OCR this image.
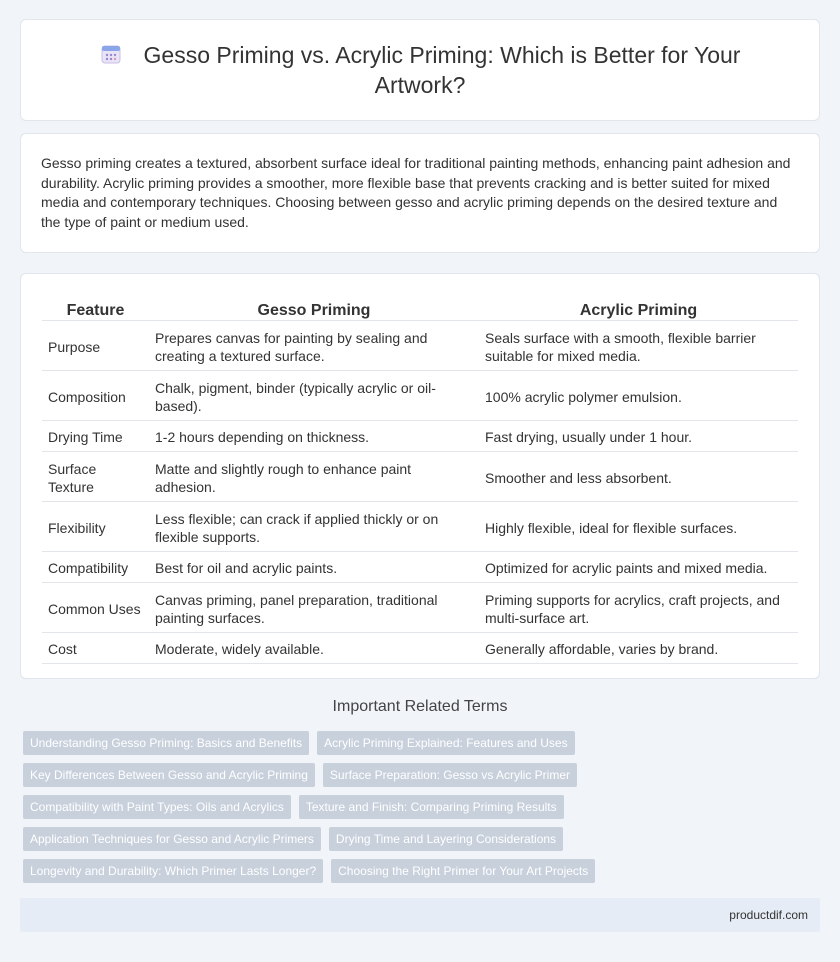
Gesso Priming vs. Acrylic Priming: Which is Better for Your Artwork?

Gesso priming creates a textured, absorbent surface ideal for traditional painting methods, enhancing paint adhesion and durability. Acrylic priming provides a smoother, more flexible base that prevents cracking and is better suited for mixed media and contemporary techniques. Choosing between gesso and acrylic priming depends on the desired texture and the type of paint or medium used.

Feature	Gesso Priming	Acrylic Priming
Purpose	Prepares canvas for painting by sealing and creating a textured surface.	Seals surface with a smooth, flexible barrier suitable for mixed media.
Composition	Chalk, pigment, binder (typically acrylic or oil-based).	100% acrylic polymer emulsion.
Drying Time	1-2 hours depending on thickness.	Fast drying, usually under 1 hour.
Surface Texture	Matte and slightly rough to enhance paint adhesion.	Smoother and less absorbent.
Flexibility	Less flexible; can crack if applied thickly or on flexible supports.	Highly flexible, ideal for flexible surfaces.
Compatibility	Best for oil and acrylic paints.	Optimized for acrylic paints and mixed media.
Common Uses	Canvas priming, panel preparation, traditional painting surfaces.	Priming supports for acrylics, craft projects, and multi-surface art.
Cost	Moderate, widely available.	Generally affordable, varies by brand.
Important Related Terms
Understanding Gesso Priming: Basics and Benefits	Acrylic Priming Explained: Features and Uses
Key Differences Between Gesso and Acrylic Priming	Surface Preparation: Gesso vs Acrylic Primer
Compatibility with Paint Types: Oils and Acrylics	Texture and Finish: Comparing Priming Results
Application Techniques for Gesso and Acrylic Primers	Drying Time and Layering Considerations
Longevity and Durability: Which Primer Lasts Longer?	Choosing the Right Primer for Your Art Projects
productdif.com
